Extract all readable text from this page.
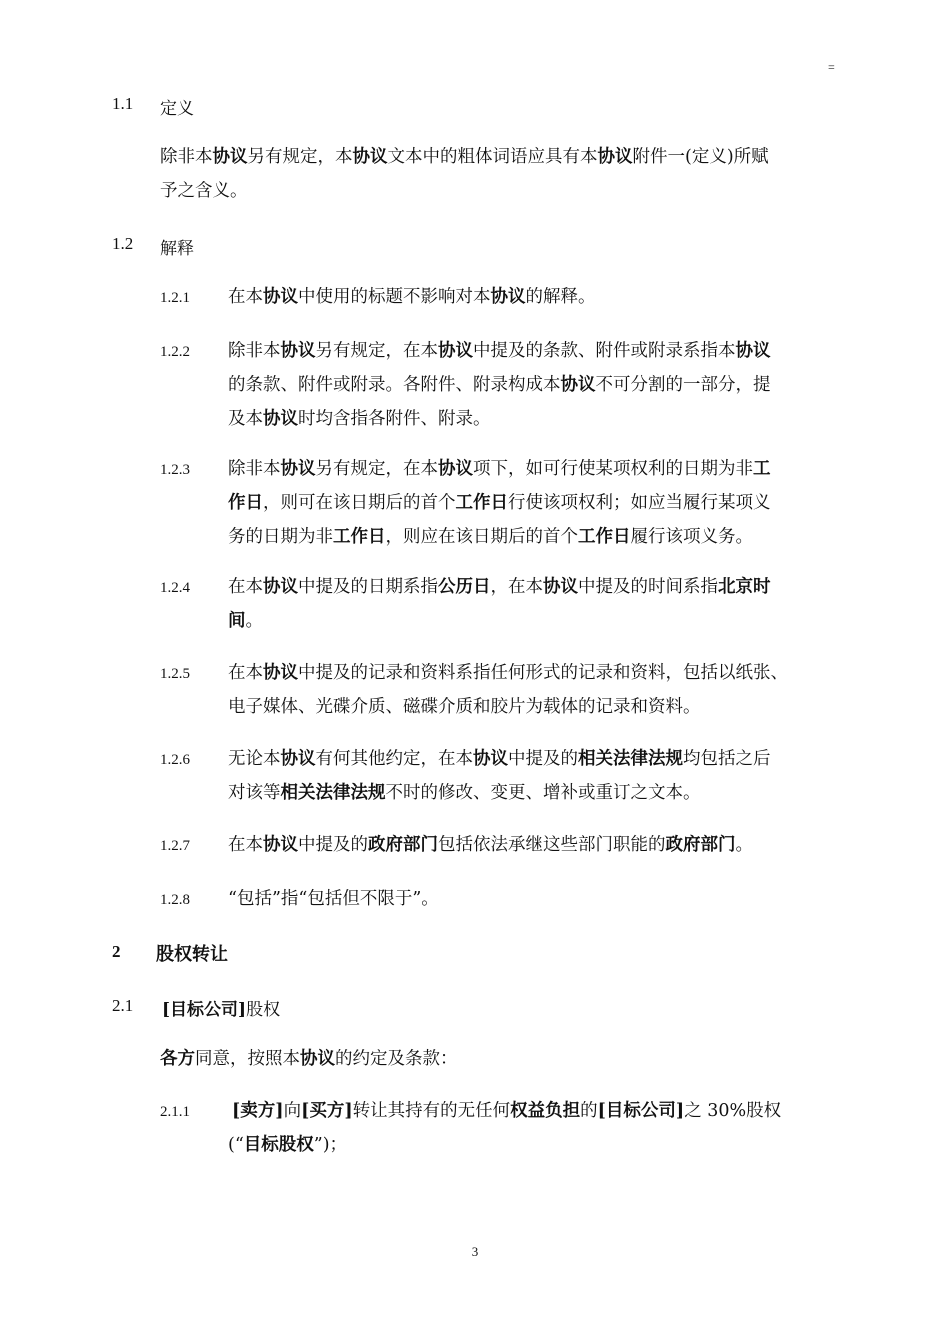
=
1.1 定义
除非本协议另有规定，本协议文本中的粗体词语应具有本协议附件一(定义)所赋
予之含义。
1.2 解释
1.2.1 在本协议中使用的标题不影响对本协议的解释。
1.2.2 除非本协议另有规定，在本协议中提及的条款、附件或附录系指本协议
的条款、附件或附录。各附件、附录构成本协议不可分割的一部分，提
及本协议时均含指各附件、附录。
1.2.3 除非本协议另有规定，在本协议项下，如可行使某项权利的日期为非工
作日，则可在该日期后的首个工作日行使该项权利；如应当履行某项义
务的日期为非工作日，则应在该日期后的首个工作日履行该项义务。
1.2.4 在本协议中提及的日期系指公历日，在本协议中提及的时间系指北京时
间。
1.2.5 在本协议中提及的记录和资料系指任何形式的记录和资料，包括以纸张、
电子媒体、光碟介质、磁碟介质和胶片为载体的记录和资料。
1.2.6 无论本协议有何其他约定，在本协议中提及的相关法律法规均包括之后
对该等相关法律法规不时的修改、变更、增补或重订之文本。
1.2.7 在本协议中提及的政府部门包括依法承继这些部门职能的政府部门。
1.2.8 “包括”指“包括但不限于”。
2 股权转让
2.1 [目标公司]股权
各方同意，按照本协议的约定及条款：
2.1.1 [卖方]向[买方]转让其持有的无任何权益负担的[目标公司]之 30%股权
(“目标股权”)；
3
